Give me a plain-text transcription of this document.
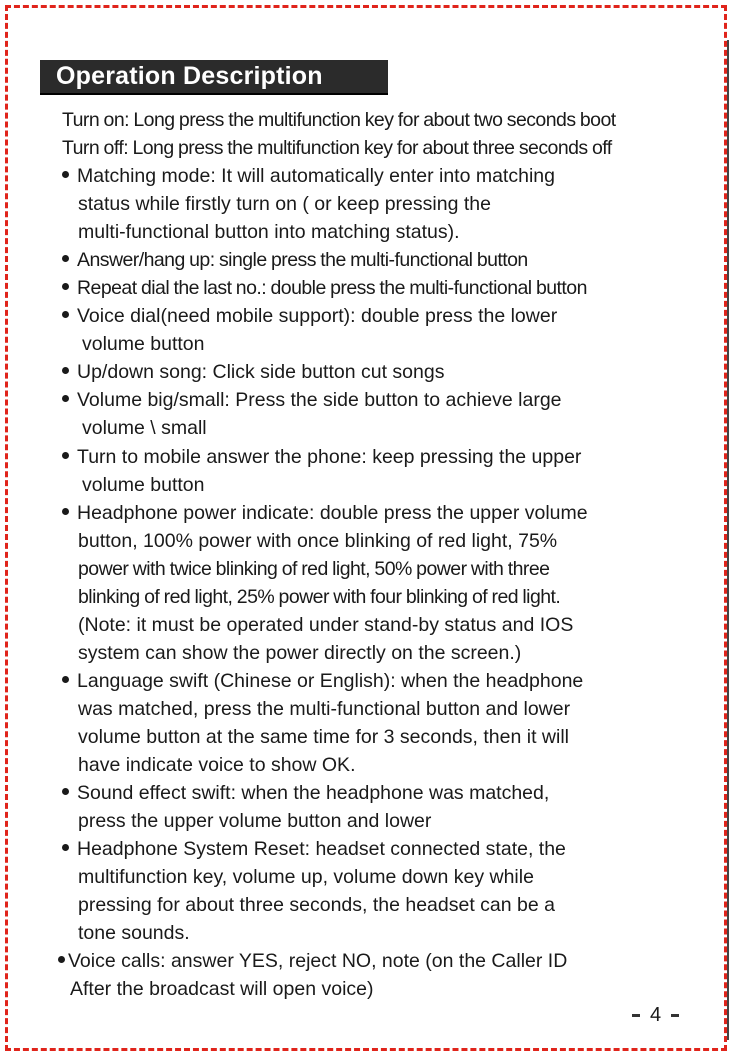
Operation Description
Turn on: Long press the multifunction key for about two seconds boot
Turn off: Long press the multifunction key for about three seconds off
Matching mode: It will automatically enter into matching
status while firstly turn on ( or keep pressing the
multi-functional button into matching status).
Answer/hang up: single press the multi-functional button
Repeat dial the last no.: double press the multi-functional button
Voice dial(need mobile support): double press the lower
volume button
Up/down song: Click side button cut songs
Volume big/small: Press the side button to achieve large
volume \ small
Turn to mobile answer the phone: keep pressing the upper
volume button
Headphone power indicate: double press the upper volume
button, 100% power with once blinking of red light, 75%
power with twice blinking of red light, 50% power with three
blinking of red light, 25% power with four blinking of red light.
(Note: it must be operated under stand-by status and IOS
system can show the power directly on the screen.)
Language swift (Chinese or English): when the headphone
was matched, press the multi-functional button and lower
volume button at the same time for 3 seconds, then it will
have indicate voice to show OK.
Sound effect swift: when the headphone was matched,
press the upper volume button and lower
Headphone System Reset: headset connected state, the
multifunction key, volume up, volume down key while
pressing for about three seconds, the headset can be a
tone sounds.
Voice calls: answer YES, reject NO, note (on the Caller ID
After the broadcast will open voice)
4
